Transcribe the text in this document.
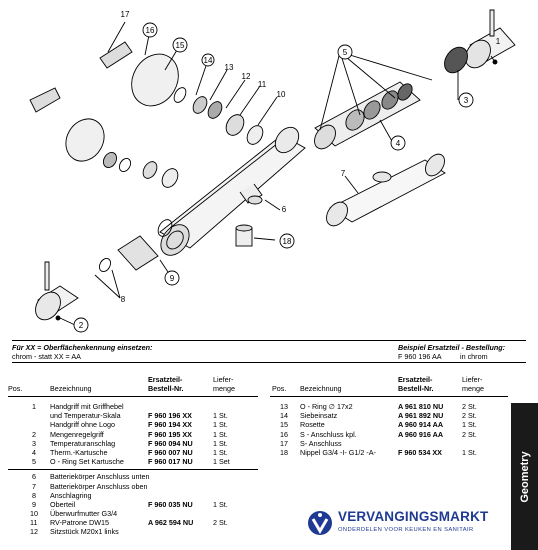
17
16
15
14
13
12
11
10
5
3
4
7
6
18
9
8
2
1
Für XX = Oberflächenkennung einsetzen:
chrom - statt XX = AA
Beispiel Ersatzteil - Bestellung:
F 960 196 AA	in chrom
Pos.	Bezeichnung
Ersatzteil-
Bestell-Nr.
Liefer-
menge	Pos. Bezeichnung
Ersatzteil-
Bestell-Nr.
Liefer-
menge
1 Handgriff mit Griffhebel
und Temperatur-Skala	F 960 196 XX	1 St.
Handgriff ohne Logo	F 960 194 XX	1 St.
2 Mengenregelgriff	F 960 195 XX	1 St.
3 Temperaturanschlag	F 960 094 NU	1 St.
4 Therm.-Kartusche	F 960 007 NU	1 St.
5 O - Ring Set Kartusche	F 960 017 NU	1 Set
6 Batteriekörper Anschluss unten
7 Batteriekörper Anschluss oben
8 Anschlagring
9 Oberteil	F 960 035 NU	1 St.
10 Überwurfmutter G3/4
11 RV-Patrone DW15	A 962 594 NU	2 St.
12 Sitzstück M20x1 links
13 O - Ring ∅ 17x2	A 961 810 NU	2 St.
14 Siebeinsatz	A 961 892 NU	2 St.
15 Rosette	A 960 914 AA	1 St.
16 S - Anschluss kpl.	A 960 916 AA	2 St.
17 S- Anschluss
18 Nippel G3/4 -I- G1/2 -A-	F 960 534 XX	1 St.
VERVANGINGSMARKT
ONDERDELEN VOOR KEUKEN EN SANITAIR
Geometry
